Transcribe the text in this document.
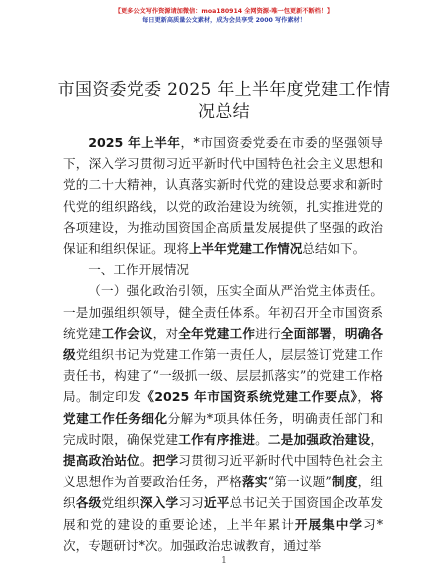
【更多公文写作资源请加微信：moa180914 全网资源·唯一包更新不断档！】
每日更新高质量公文素材，成为会员享受 2000 写作素材！
市国资委党委 2025 年上半年度党建工作情况总结

2025 年上半年，*市国资委党委在市委的坚强领导下，深入学习贯彻习近平新时代中国特色社会主义思想和党的二十大精神，认真落实新时代党的建设总要求和新时代党的组织路线，以党的政治建设为统领，扎实推进党的各项建设，为推动国资国企高质量发展提供了坚强的政治保证和组织保证。现将上半年党建工作情况总结如下。

一、工作开展情况

（一）强化政治引领，压实全面从严治党主体责任。一是加强组织领导，健全责任体系。年初召开全市国资系统党建工作会议，对全年党建工作进行全面部署，明确各级党组织书记为党建工作第一责任人，层层签订党建工作责任书，构建了“一级抓一级、层层抓落实”的党建工作格局。制定印发《2025 年市国资系统党建工作要点》，将党建工作任务细化分解为*项具体任务，明确责任部门和完成时限，确保党建工作有序推进。二是加强政治建设，提高政治站位。把学习贯彻习近平新时代中国特色社会主义思想作为首要政治任务，严格落实“第一议题”制度，组织各级党组织深入学习习近平总书记关于国资国企改革发展和党的建设的重要论述，上半年累计开展集中学习*次，专题研讨*次。加强政治忠诚教育，通过举

1
